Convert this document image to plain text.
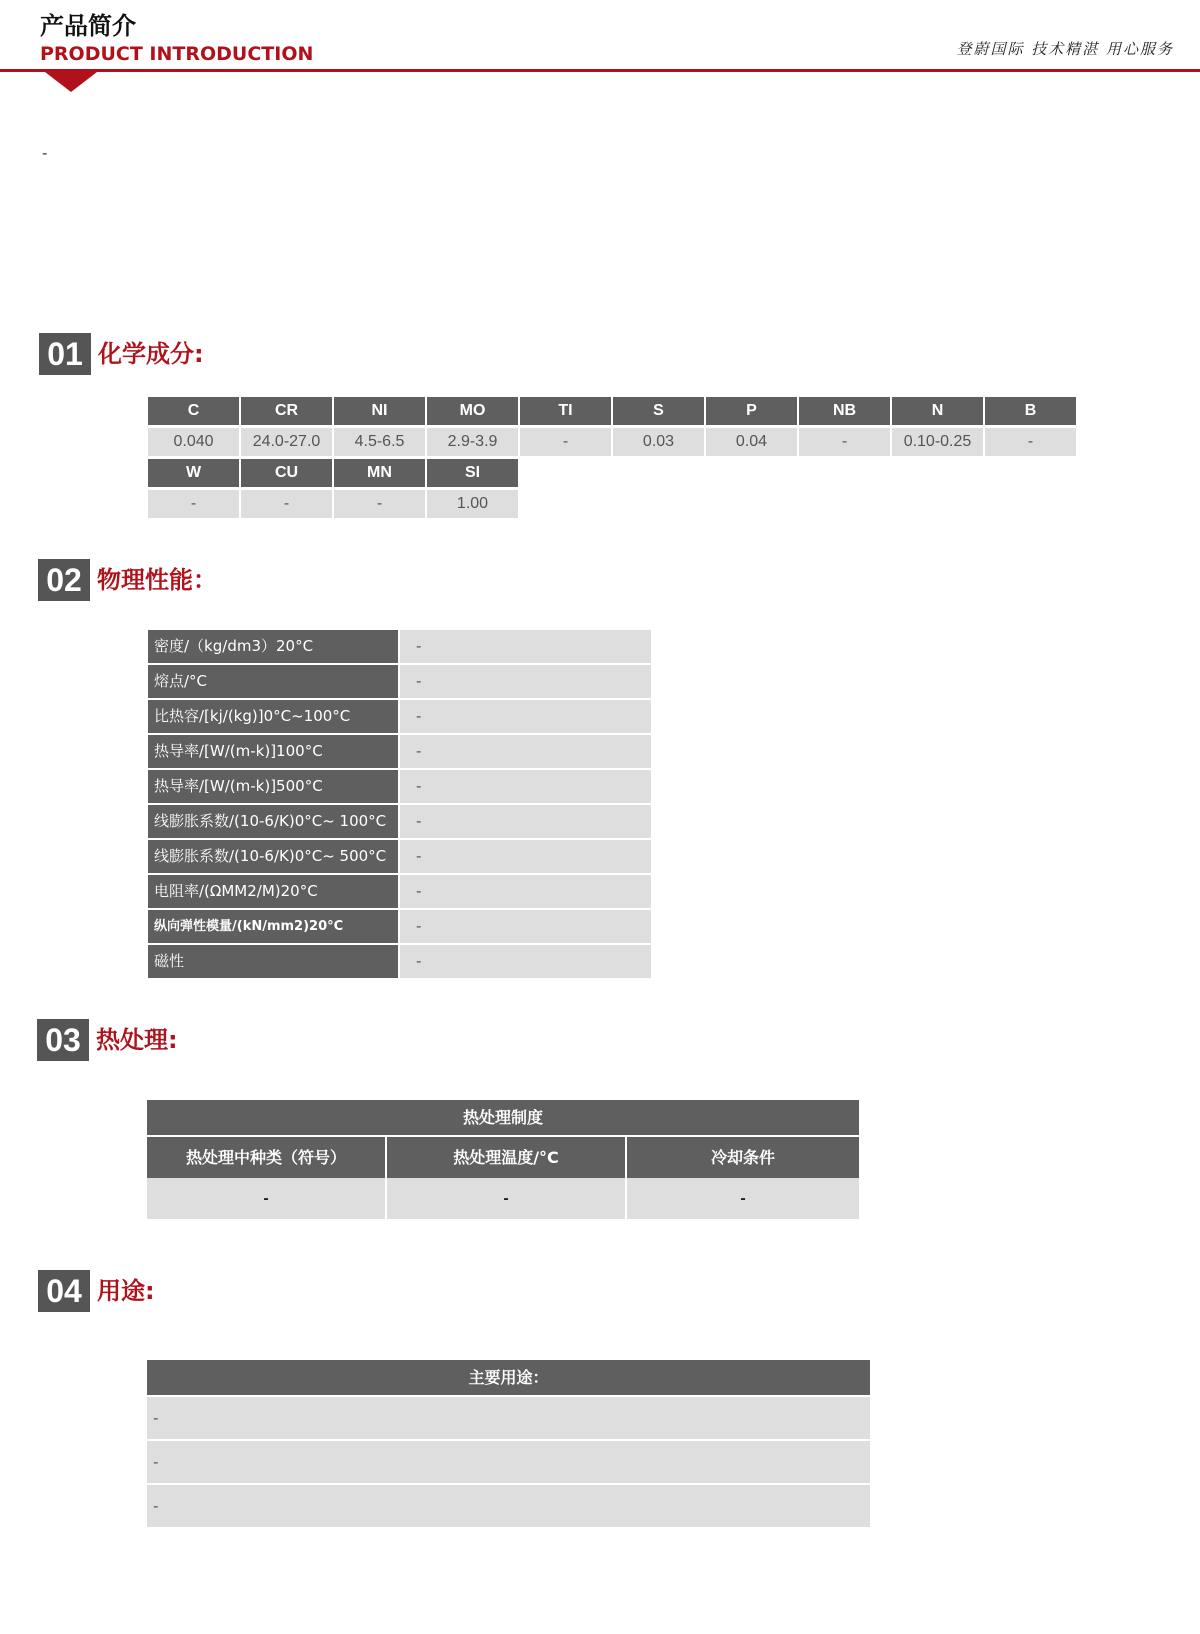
产品简介
PRODUCT INTRODUCTION	登蔚国际 技术精湛 用心服务
-
01 化学成分:
C	CR	NI	MO	TI	S	P	NB	N	B
0.040	24.0-27.0	4.5-6.5	2.9-3.9	-	0.03	0.04	-	0.10-0.25	-
W	CU	MN	SI
-	-	-	1.00
02 物理性能：
密度/（kg/dm3）20°C	-
熔点/°C	-
比热容/[kj/(kg)]0°C~100°C	-
热导率/[W/(m-k)]100°C	-
热导率/[W/(m-k)]500°C	-
线膨胀系数/(10-6/K)0°C~ 100°C	-
线膨胀系数/(10-6/K)0°C~ 500°C	-
电阻率/(ΩMM2/M)20°C	-
纵向弹性模量/(kN/mm2)20°C	-
磁性	-
03 热处理:
热处理制度
热处理中种类（符号）	热处理温度/°C	冷却条件
-	-	-
04 用途:
主要用途：
-
-
-
